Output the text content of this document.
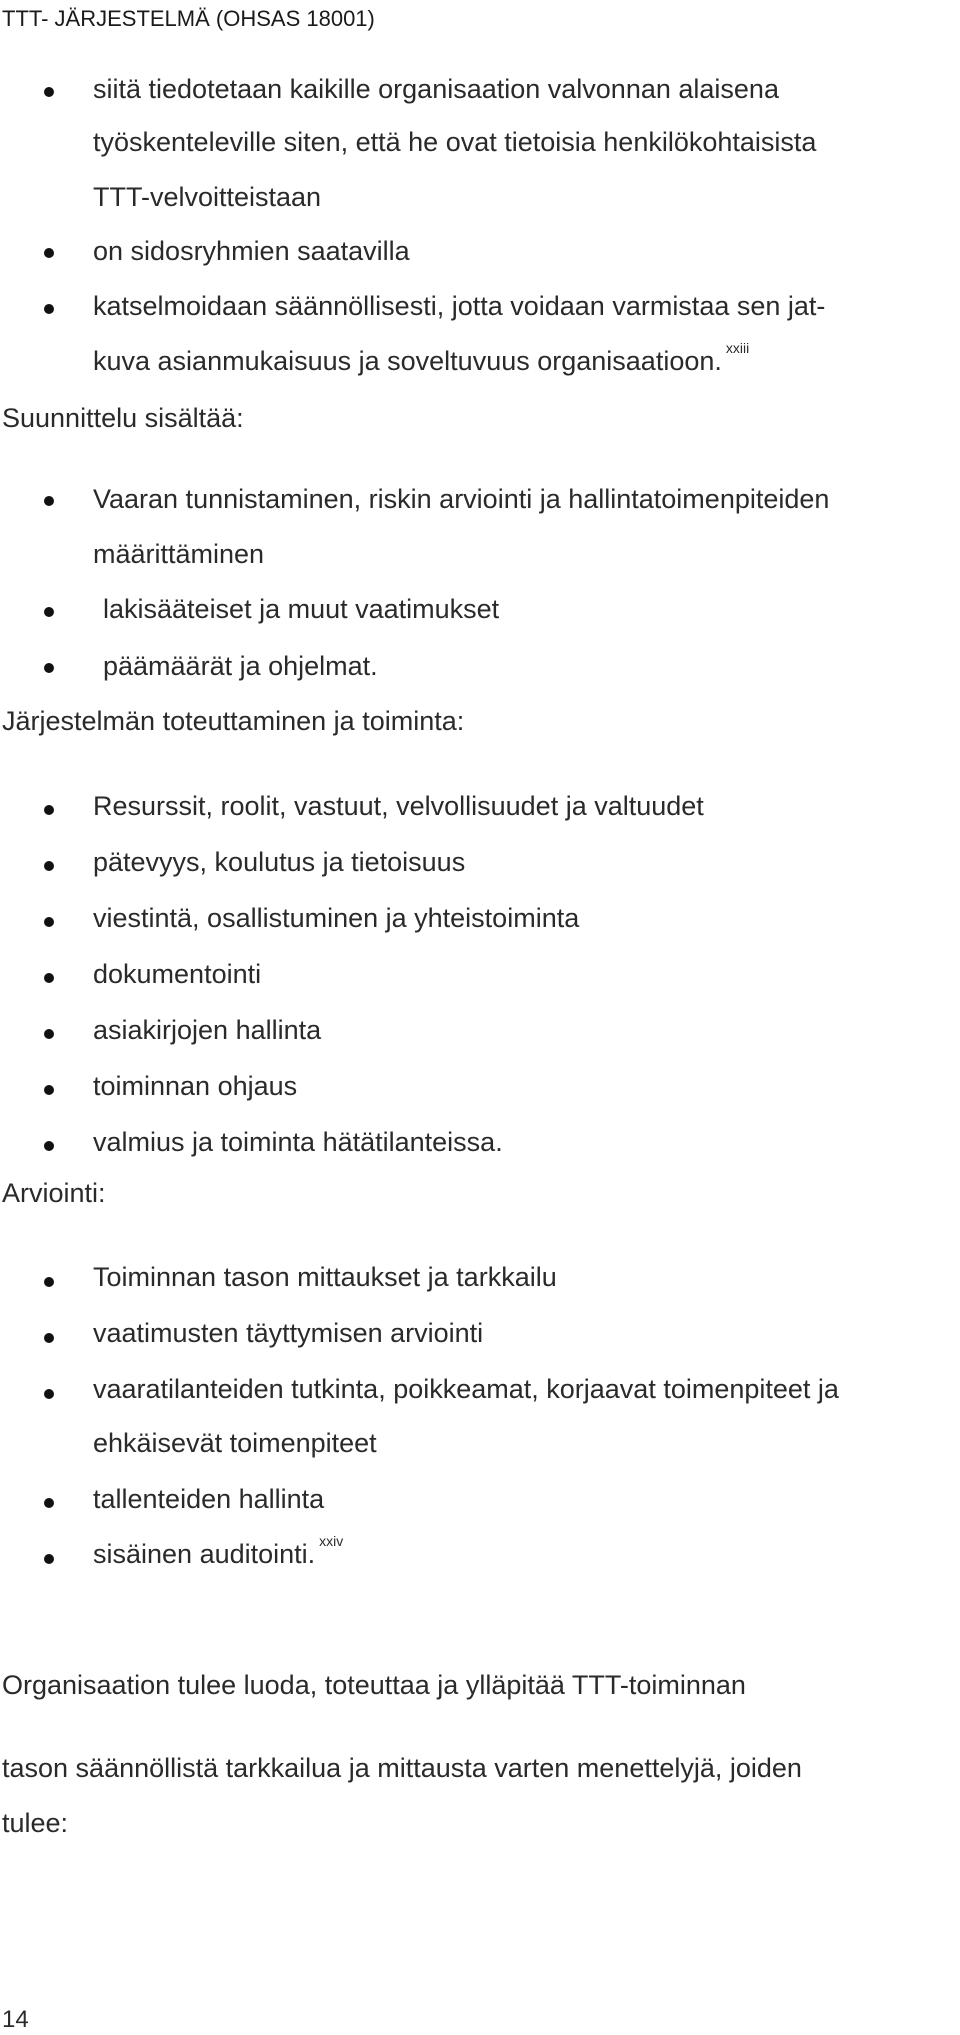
TTT- JÄRJESTELMÄ (OHSAS 18001)
siitä tiedotetaan kaikille organisaation valvonnan alaisena
työskenteleville siten, että he ovat tietoisia henkilökohtaisista
TTT-velvoitteistaan
on sidosryhmien saatavilla
katselmoidaan säännöllisesti, jotta voidaan varmistaa sen jat-
kuva asianmukaisuus ja soveltuvuus organisaatioon. $^{xxiii}$
Suunnittelu sisältää:
Vaaran tunnistaminen, riskin arviointi ja hallintatoimenpiteiden
määrittäminen
lakisääteiset ja muut vaatimukset
päämäärät ja ohjelmat.
Järjestelmän toteuttaminen ja toiminta:
Resurssit, roolit, vastuut, velvollisuudet ja valtuudet
pätevyys, koulutus ja tietoisuus
viestintä, osallistuminen ja yhteistoiminta
dokumentointi
asiakirjojen hallinta
toiminnan ohjaus
valmius ja toiminta hätätilanteissa.
Arviointi:
Toiminnan tason mittaukset ja tarkkailu
vaatimusten täyttymisen arviointi
vaaratilanteiden tutkinta, poikkeamat, korjaavat toimenpiteet ja
ehkäisevät toimenpiteet
tallenteiden hallinta
sisäinen auditointi. $^{xxiv}$
Organisaation tulee luoda, toteuttaa ja ylläpitää TTT-toiminnan
tason säännöllistä tarkkailua ja mittausta varten menettelyjä, joiden
tulee:
14
